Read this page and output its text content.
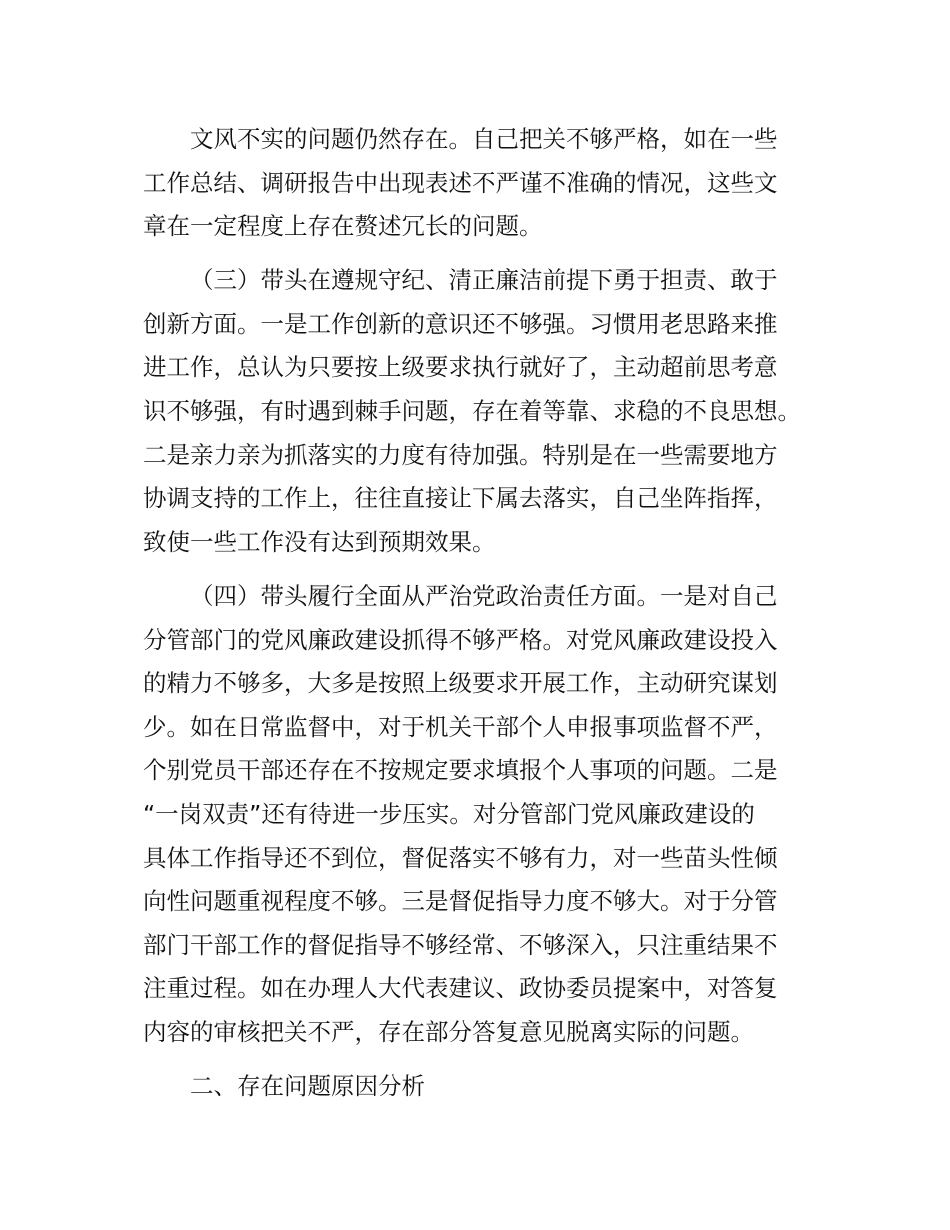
文风不实的问题仍然存在。自己把关不够严格，如在一些
工作总结、调研报告中出现表述不严谨不准确的情况，这些文
章在一定程度上存在赘述冗长的问题。
（三）带头在遵规守纪、清正廉洁前提下勇于担责、敢于
创新方面。一是工作创新的意识还不够强。习惯用老思路来推
进工作，总认为只要按上级要求执行就好了，主动超前思考意
识不够强，有时遇到棘手问题，存在着等靠、求稳的不良思想。
二是亲力亲为抓落实的力度有待加强。特别是在一些需要地方
协调支持的工作上，往往直接让下属去落实，自己坐阵指挥，
致使一些工作没有达到预期效果。
（四）带头履行全面从严治党政治责任方面。一是对自己
分管部门的党风廉政建设抓得不够严格。对党风廉政建设投入
的精力不够多，大多是按照上级要求开展工作，主动研究谋划
少。如在日常监督中，对于机关干部个人申报事项监督不严，
个别党员干部还存在不按规定要求填报个人事项的问题。二是
“一岗双责”还有待进一步压实。对分管部门党风廉政建设的
具体工作指导还不到位，督促落实不够有力，对一些苗头性倾
向性问题重视程度不够。三是督促指导力度不够大。对于分管
部门干部工作的督促指导不够经常、不够深入，只注重结果不
注重过程。如在办理人大代表建议、政协委员提案中，对答复
内容的审核把关不严，存在部分答复意见脱离实际的问题。
二、存在问题原因分析
